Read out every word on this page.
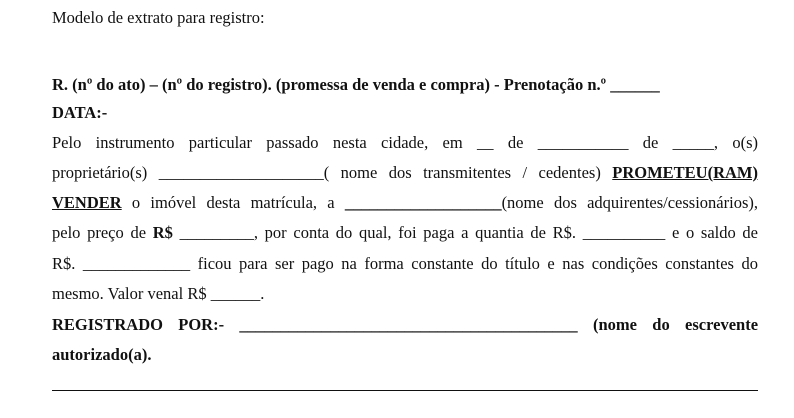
Modelo de extrato para registro:
R. (nº do ato) – (nº do registro). (promessa de venda e compra) - Prenotação n.º ______
DATA:-
Pelo instrumento particular passado nesta cidade, em __ de ___________ de _____, o(s)
proprietário(s) ____________________( nome dos transmitentes / cedentes) PROMETEU(RAM)
VENDER o imóvel desta matrícula, a ___________________(nome dos adquirentes/cessionários),
pelo preço de R$ _________, por conta do qual, foi paga a quantia de R$. __________ e o saldo de
R$. _____________ ficou para ser pago na forma constante do título e nas condições constantes do
mesmo. Valor venal R$ ______.
REGISTRADO POR:- _________________________________________ (nome do escrevente
autorizado(a).
